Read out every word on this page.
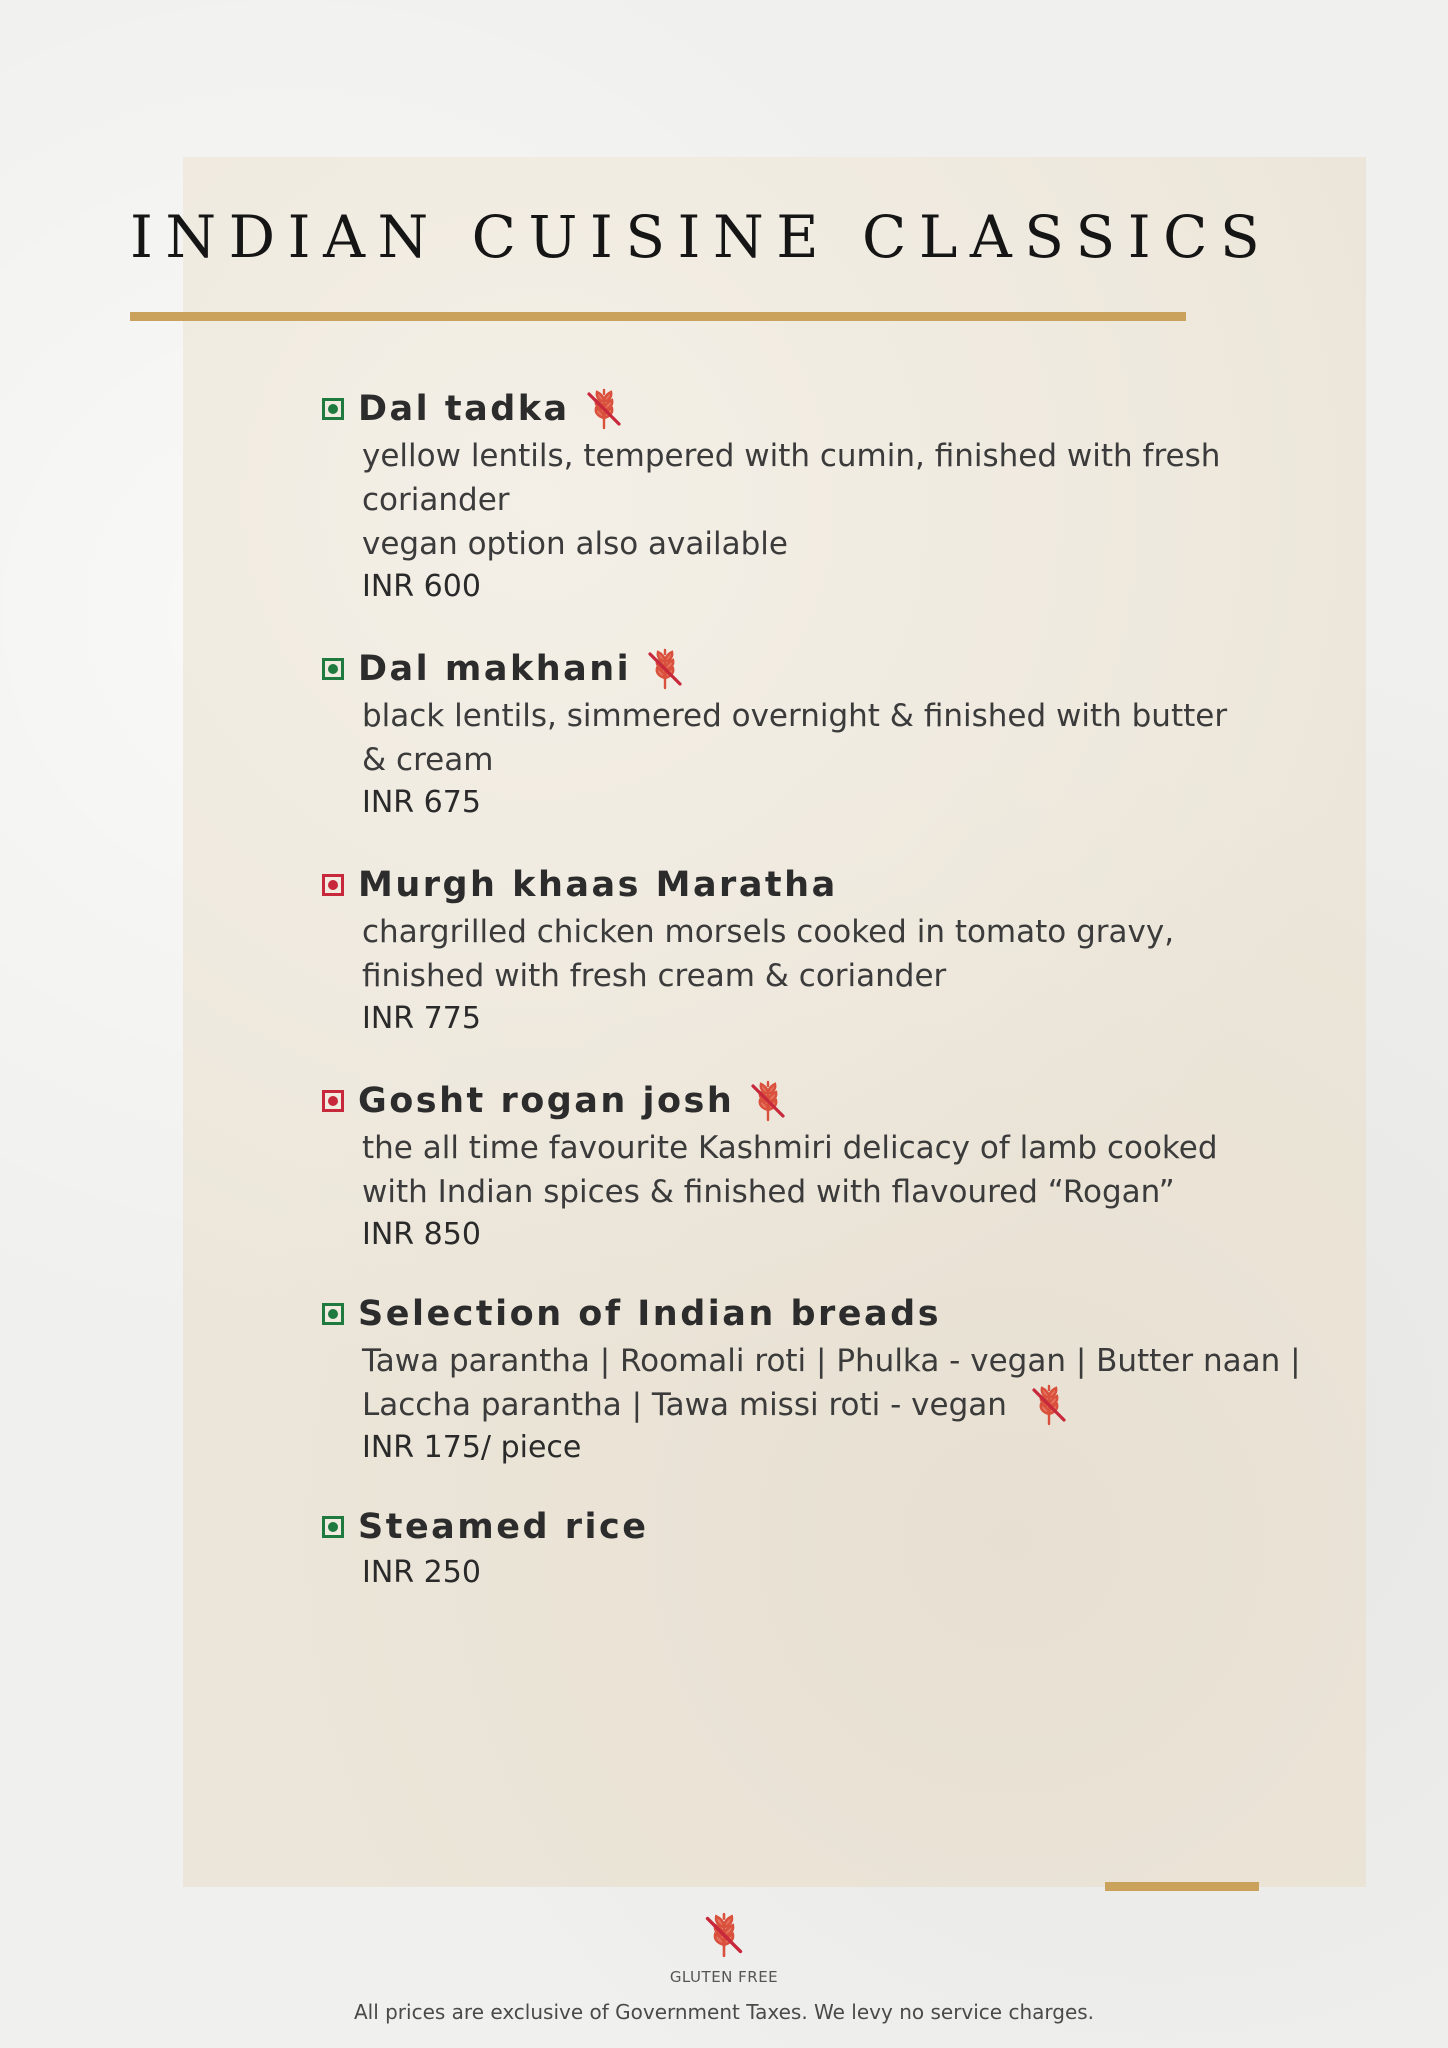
INDIAN CUISINE CLASSICS
Dal tadka
yellow lentils, tempered with cumin, finished with fresh
coriander
vegan option also available
INR 600
Dal makhani
black lentils, simmered overnight & finished with butter
& cream
INR 675
Murgh khaas Maratha
chargrilled chicken morsels cooked in tomato gravy,
finished with fresh cream & coriander
INR 775
Gosht rogan josh
the all time favourite Kashmiri delicacy of lamb cooked
with Indian spices & finished with flavoured “Rogan”
INR 850
Selection of Indian breads
Tawa parantha | Roomali roti | Phulka - vegan | Butter naan |
Laccha parantha | Tawa missi roti - vegan
INR 175/ piece
Steamed rice
INR 250
GLUTEN FREE
All prices are exclusive of Government Taxes. We levy no service charges.
